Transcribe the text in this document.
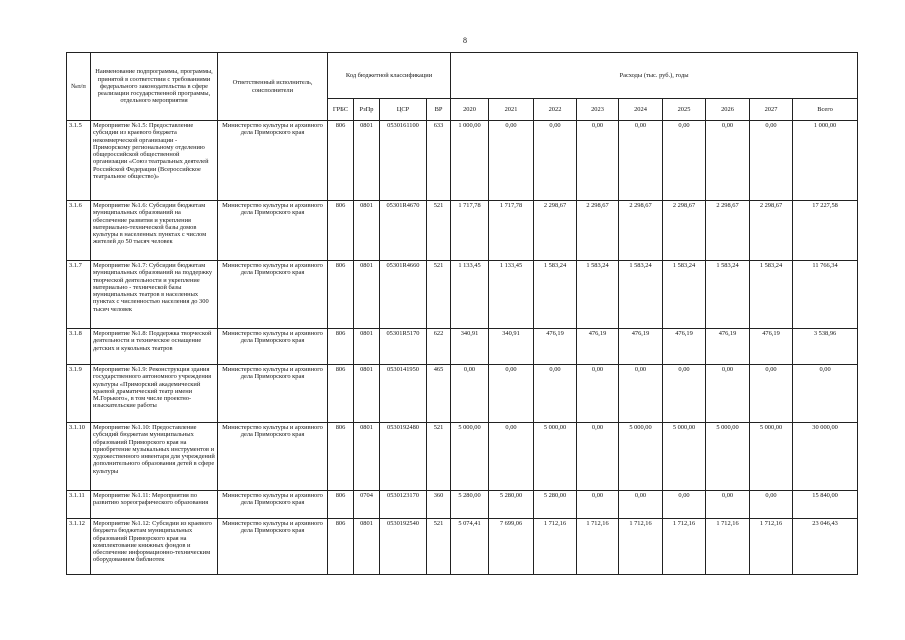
8
№п/п	Наименование подпрограммы, программы, принятой в соответствии с требованиями федерального законодательства в сфере реализации государственной программы, отдельного мероприятия	Ответственный исполнитель, соисполнители	Код бюджетной классификации				Расходы (тыс. руб.), годы								
			ГРБС	РзПр	ЦСР	ВР	2020	2021	2022	2023	2024	2025	2026	2027	Всего
3.1.5	Мероприятие №1.5: Предоставление субсидии из краевого бюджета некоммерческой организации - Приморскому региональному отделению общероссийской общественной организации «Союз театральных деятелей Российской Федерации (Всероссийское театральное общество)»	Министерство культуры и архивного дела Приморского края	806	0801	0530161100	633	1 000,00	0,00	0,00	0,00	0,00	0,00	0,00	0,00	1 000,00
3.1.6	Мероприятие №1.6: Субсидии бюджетам муниципальных образований на обеспечение развития и укрепления материально-технической базы домов культуры в населенных пунктах с числом жителей до 50 тысяч человек	Министерство культуры и архивного дела Приморского края	806	0801	05301R4670	521	1 717,78	1 717,78	2 298,67	2 298,67	2 298,67	2 298,67	2 298,67	2 298,67	17 227,58
3.1.7	Мероприятие №1.7: Субсидии бюджетам муниципальных образований на поддержку творческой деятельности и укрепление материально - технической базы муниципальных театров в населенных пунктах с численностью населения до 300 тысяч человек	Министерство культуры и архивного дела Приморского края	806	0801	05301R4660	521	1 133,45	1 133,45	1 583,24	1 583,24	1 583,24	1 583,24	1 583,24	1 583,24	11 766,34
3.1.8	Мероприятие №1.8: Поддержка творческой деятельности и техническое оснащение детских и кукольных театров	Министерство культуры и архивного дела Приморского края	806	0801	05301R5170	622	340,91	340,91	476,19	476,19	476,19	476,19	476,19	476,19	3 538,96
3.1.9	Мероприятие №1.9: Реконструкция здания государственного автономного учреждения культуры «Приморский академический краевой драматический театр имени М.Горького», в том числе проектно-изыскательские работы	Министерство культуры и архивного дела Приморского края	806	0801	0530141950	465	0,00	0,00	0,00	0,00	0,00	0,00	0,00	0,00	0,00
3.1.10	Мероприятие №1.10: Предоставление субсидий бюджетам муниципальных образований Приморского края на приобретение музыкальных инструментов и художественного инвентаря для учреждений дополнительного образования детей в сфере культуры	Министерство культуры и архивного дела Приморского края	806	0801	0530192480	521	5 000,00	0,00	5 000,00	0,00	5 000,00	5 000,00	5 000,00	5 000,00	30 000,00
3.1.11	Мероприятие №1.11: Мероприятия по развитию хореографического образования	Министерство культуры и архивного дела Приморского края	806	0704	0530123170	360	5 280,00	5 280,00	5 280,00	0,00	0,00	0,00	0,00	0,00	15 840,00
3.1.12	Мероприятие №1.12: Субсидии из краевого бюджета бюджетам муниципальных образований Приморского края на комплектование книжных фондов и обеспечение информационно-техническим оборудованием библиотек	Министерство культуры и архивного дела Приморского края	806	0801	0530192540	521	5 074,41	7 699,06	1 712,16	1 712,16	1 712,16	1 712,16	1 712,16	1 712,16	23 046,43
